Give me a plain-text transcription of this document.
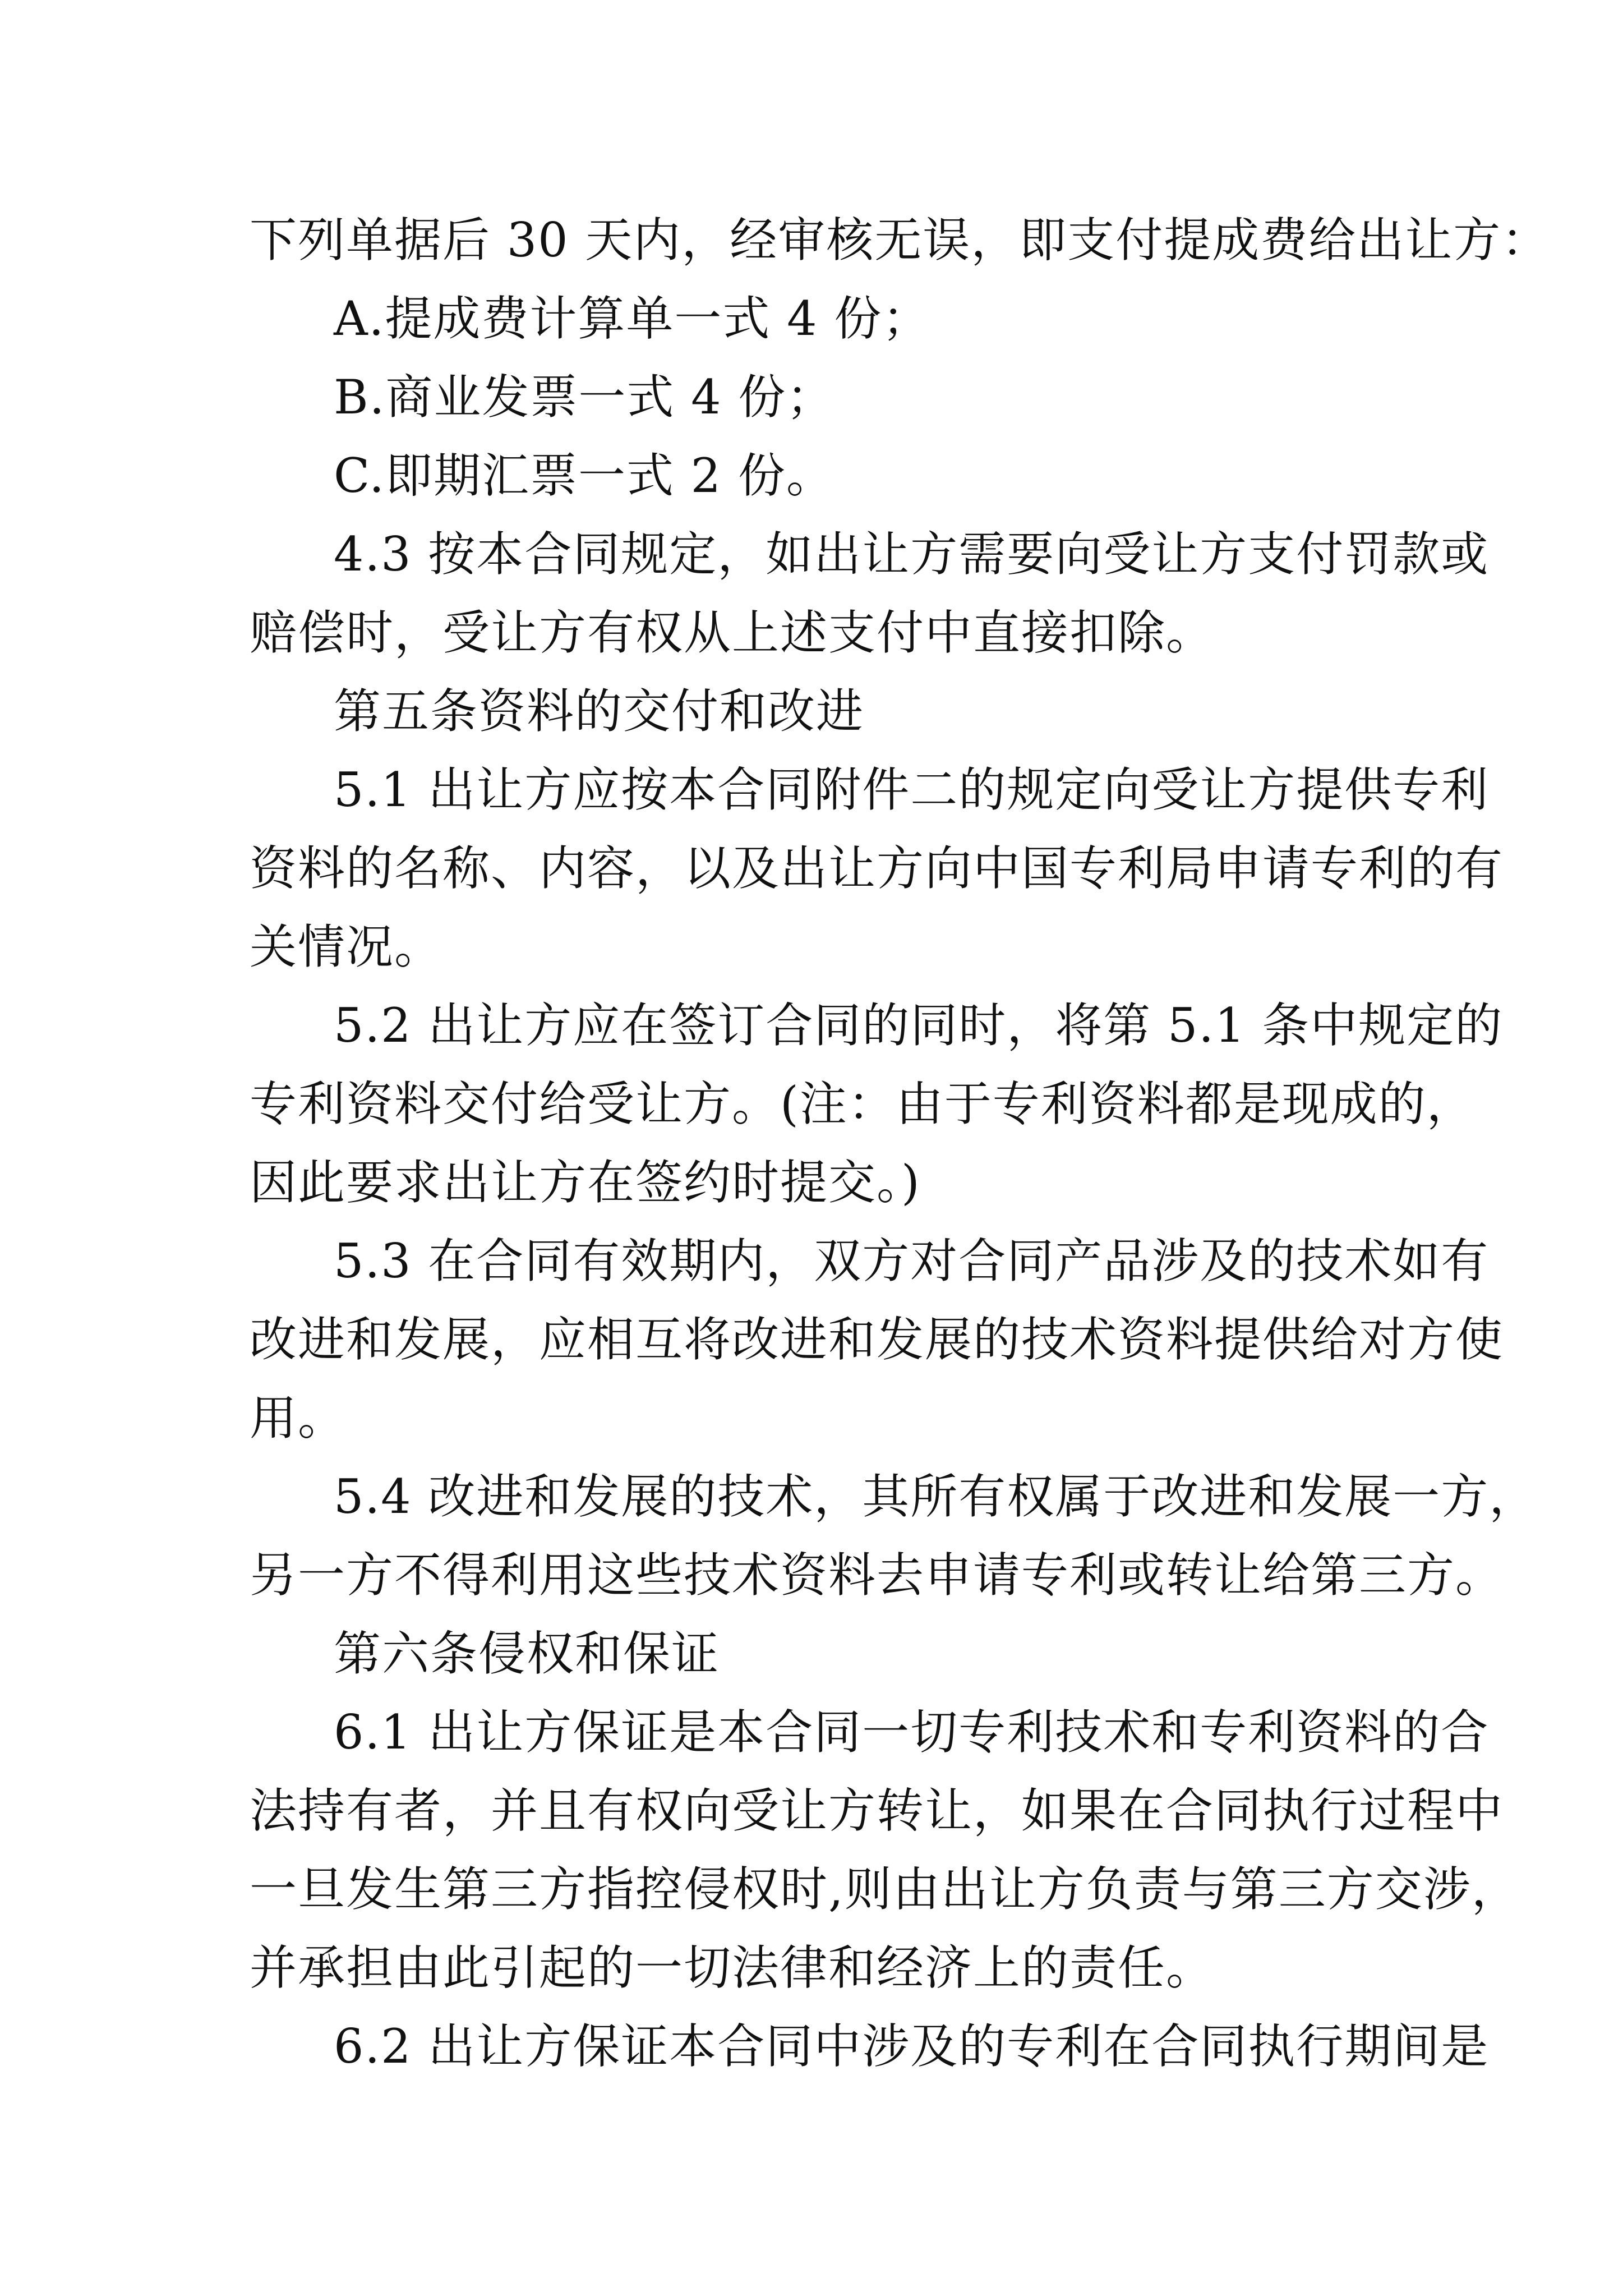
下列单据后 30 天内，经审核无误，即支付提成费给出让方：
A.提成费计算单一式 4 份；
B.商业发票一式 4 份；
C.即期汇票一式 2 份。
4.3 按本合同规定，如出让方需要向受让方支付罚款或
赔偿时，受让方有权从上述支付中直接扣除。
第五条资料的交付和改进
5.1 出让方应按本合同附件二的规定向受让方提供专利
资料的名称、内容，以及出让方向中国专利局申请专利的有
关情况。
5.2 出让方应在签订合同的同时，将第 5.1 条中规定的
专利资料交付给受让方。(注：由于专利资料都是现成的，
因此要求出让方在签约时提交。)
5.3 在合同有效期内，双方对合同产品涉及的技术如有
改进和发展，应相互将改进和发展的技术资料提供给对方使
用。
5.4 改进和发展的技术，其所有权属于改进和发展一方，
另一方不得利用这些技术资料去申请专利或转让给第三方。
第六条侵权和保证
6.1 出让方保证是本合同一切专利技术和专利资料的合
法持有者，并且有权向受让方转让，如果在合同执行过程中
一旦发生第三方指控侵权时,则由出让方负责与第三方交涉，
并承担由此引起的一切法律和经济上的责任。
6.2 出让方保证本合同中涉及的专利在合同执行期间是
